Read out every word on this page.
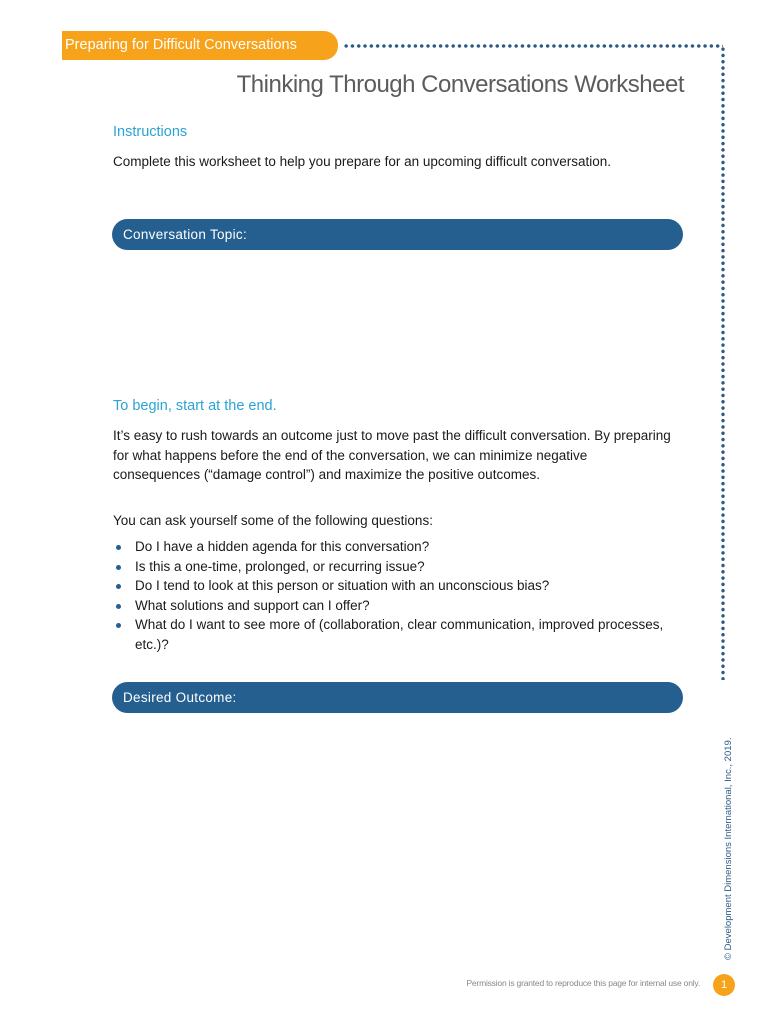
Preparing for Difficult Conversations
Thinking Through Conversations Worksheet
Instructions

Complete this worksheet to help you prepare for an upcoming difficult conversation.

Conversation Topic:
To begin, start at the end.

It’s easy to rush towards an outcome just to move past the difficult conversation. By preparing for what happens before the end of the conversation, we can minimize negative consequences (“damage control”) and maximize the positive outcomes.

You can ask yourself some of the following questions:

Do I have a hidden agenda for this conversation?
Is this a one-time, prolonged, or recurring issue?
Do I tend to look at this person or situation with an unconscious bias?
What solutions and support can I offer?
What do I want to see more of (collaboration, clear communication, improved processes, etc.)?
Desired Outcome:
© Development Dimensions International, Inc., 2019.
Permission is granted to reproduce this page for internal use only.	1
